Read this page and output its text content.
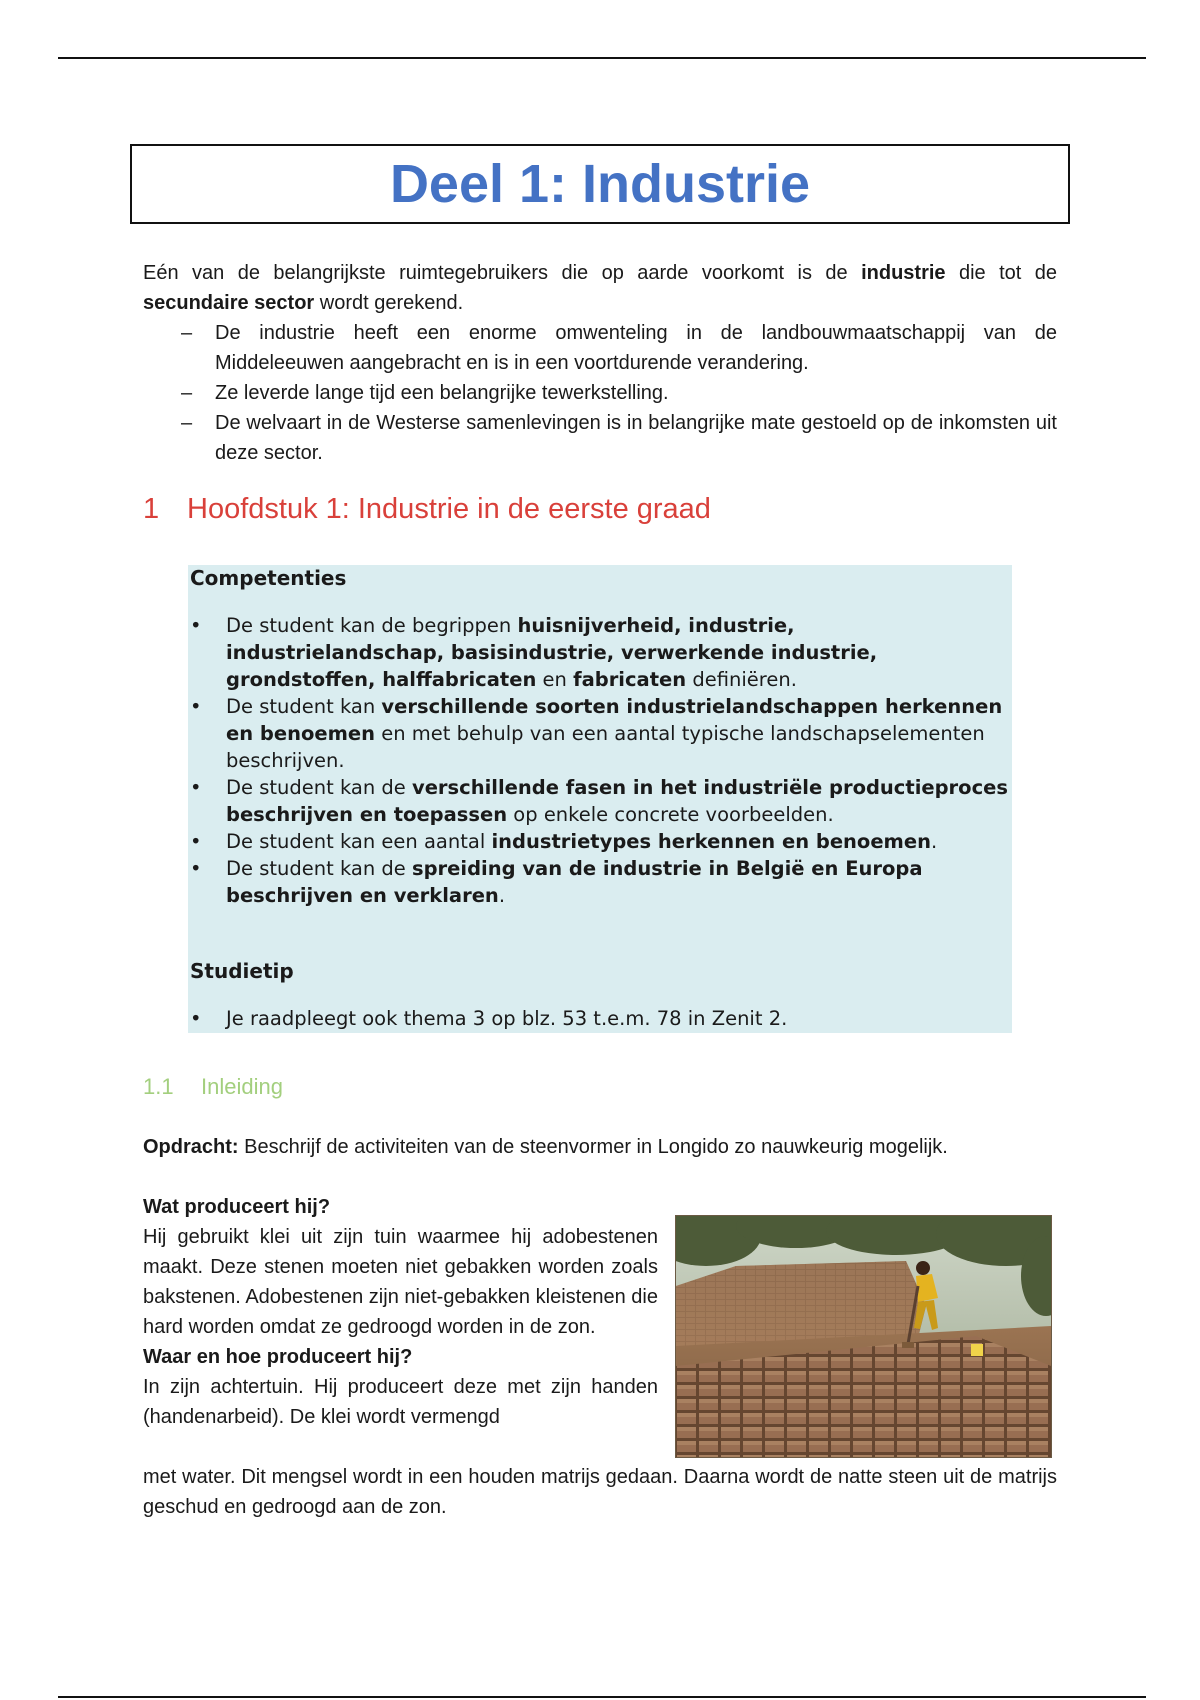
Deel 1: Industrie

Eén van de belangrijkste ruimtegebruikers die op aarde voorkomt is de industrie die tot de secundaire sector wordt gerekend.

– De industrie heeft een enorme omwenteling in de landbouwmaatschappij van de Middeleeuwen aangebracht en is in een voortdurende verandering.
– Ze leverde lange tijd een belangrijke tewerkstelling.
– De welvaart in de Westerse samenlevingen is in belangrijke mate gestoeld op de inkomsten uit deze sector.
1 Hoofdstuk 1: Industrie in de eerste graad
Competenties
• De student kan de begrippen huisnijverheid, industrie, industrielandschap, basisindustrie, verwerkende industrie, grondstoffen, halffabricaten en fabricaten definiëren.
• De student kan verschillende soorten industrielandschappen herkennen en benoemen en met behulp van een aantal typische landschapselementen beschrijven.
• De student kan de verschillende fasen in het industriële productieproces beschrijven en toepassen op enkele concrete voorbeelden.
• De student kan een aantal industrietypes herkennen en benoemen.
• De student kan de spreiding van de industrie in België en Europa beschrijven en verklaren.
Studietip
• Je raadpleegt ook thema 3 op blz. 53 t.e.m. 78 in Zenit 2.
1.1 Inleiding

Opdracht: Beschrijf de activiteiten van de steenvormer in Longido zo nauwkeurig mogelijk.

Wat produceert hij?

Hij gebruikt klei uit zijn tuin waarmee hij adobestenen maakt. Deze stenen moeten niet gebakken worden zoals bakstenen. Adobestenen zijn niet-gebakken kleistenen die hard worden omdat ze gedroogd worden in de zon.

Waar en hoe produceert hij?

In zijn achtertuin. Hij produceert deze met zijn handen (handenarbeid). De klei wordt vermengd

met water. Dit mengsel wordt in een houden matrijs gedaan. Daarna wordt de natte steen uit de matrijs geschud en gedroogd aan de zon.
